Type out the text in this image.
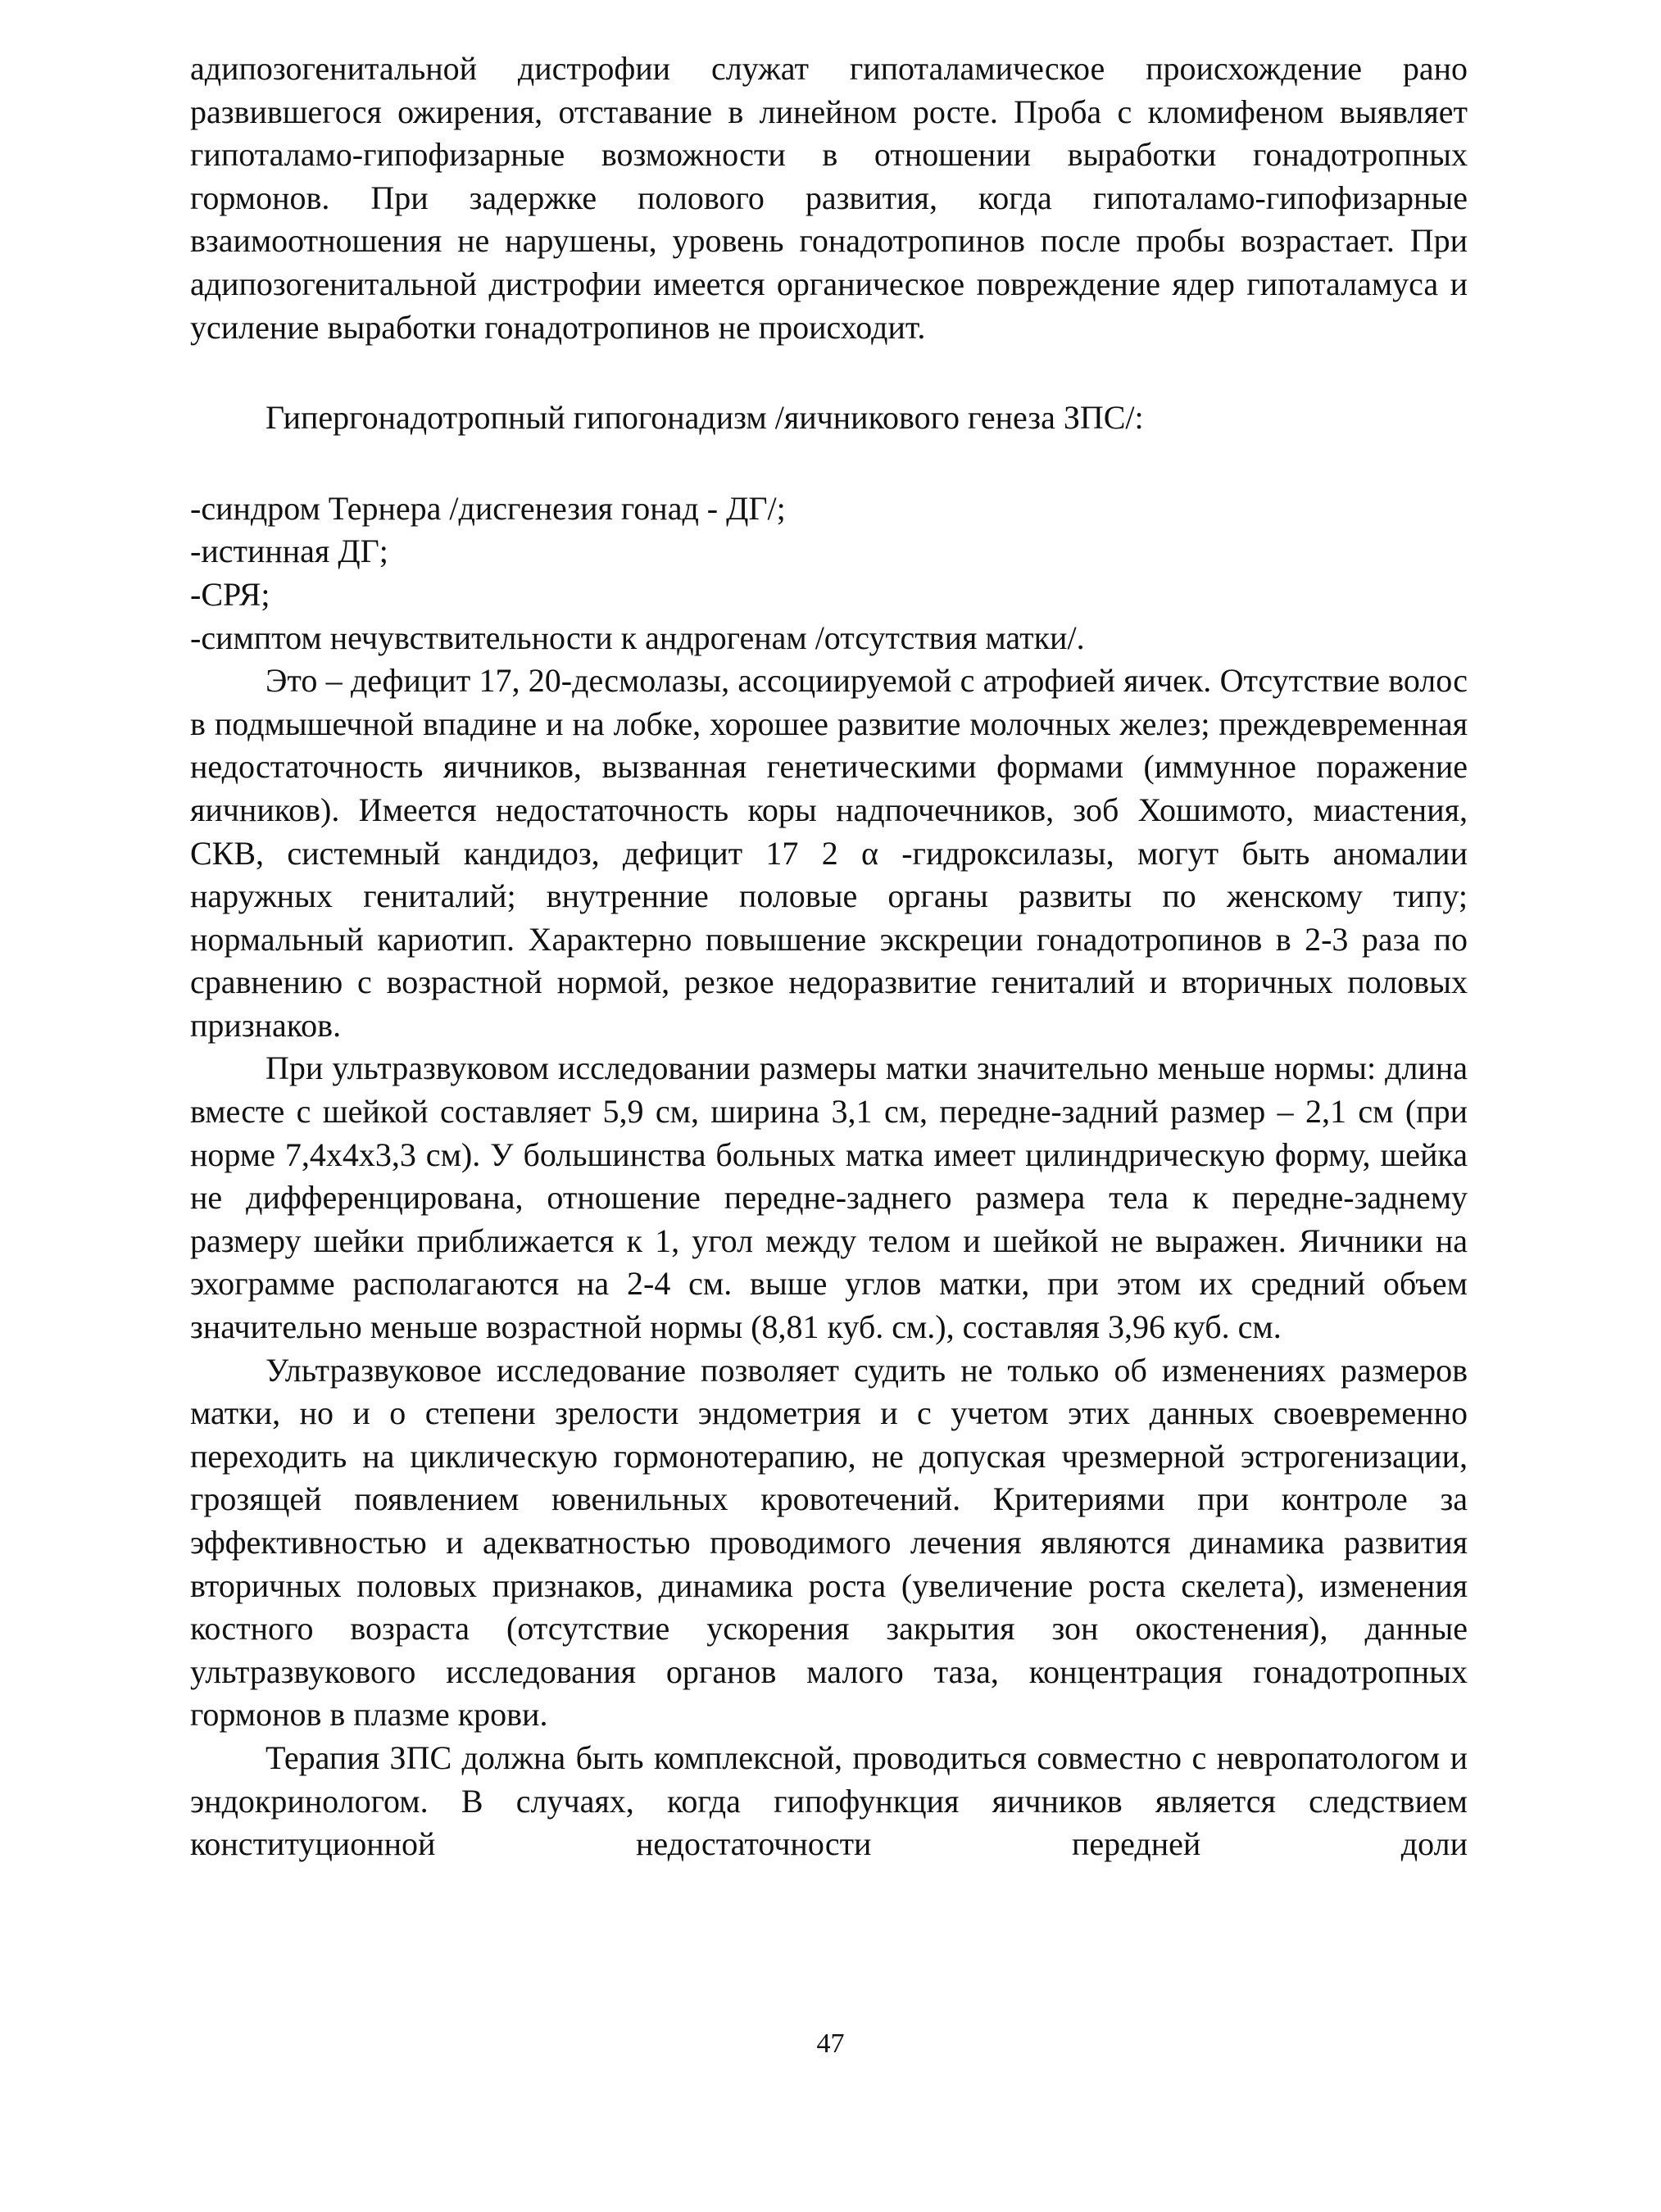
адипозогенитальной дистрофии служат гипоталамическое происхождение рано развившегося ожирения, отставание в линейном росте. Проба с кломифеном выявляет гипоталамо-гипофизарные возможности в отношении выработки гонадотропных гормонов. При задержке полового развития, когда гипоталамо-гипофизарные взаимоотношения не нарушены, уровень гонадотропинов после пробы возрастает. При адипозогенитальной дистрофии имеется органическое повреждение ядер гипоталамуса и усиление выработки гонадотропинов не происходит.

Гипергонадотропный гипогонадизм /яичникового генеза ЗПС/:

-синдром Тернера /дисгенезия гонад - ДГ/;

-истинная ДГ;

-СРЯ;

-симптом нечувствительности к андрогенам /отсутствия матки/.

Это – дефицит 17, 20-десмолазы, ассоциируемой с атрофией яичек. Отсутствие волос в подмышечной впадине и на лобке, хорошее развитие молочных желез; преждевременная недостаточность яичников, вызванная генетическими формами (иммунное поражение яичников). Имеется недостаточность коры надпочечников, зоб Хошимото, миастения, СКВ, системный кандидоз, дефицит 17 2 α -гидроксилазы, могут быть аномалии наружных гениталий; внутренние половые органы развиты по женскому типу; нормальный кариотип. Характерно повышение экскреции гонадотропинов в 2-3 раза по сравнению с возрастной нормой, резкое недоразвитие гениталий и вторичных половых признаков.

При ультразвуковом исследовании размеры матки значительно меньше нормы: длина вместе с шейкой составляет 5,9 см, ширина 3,1 см, передне-задний размер – 2,1 см (при норме 7,4х4х3,3 см). У большинства больных матка имеет цилиндрическую форму, шейка не дифференцирована, отношение передне-заднего размера тела к передне-заднему размеру шейки приближается к 1, угол между телом и шейкой не выражен. Яичники на эхограмме располагаются на 2-4 см. выше углов матки, при этом их средний объем значительно меньше возрастной нормы (8,81 куб. см.), составляя 3,96 куб. см.

Ультразвуковое исследование позволяет судить не только об изменениях размеров матки, но и о степени зрелости эндометрия и с учетом этих данных своевременно переходить на циклическую гормонотерапию, не допуская чрезмерной эстрогенизации, грозящей появлением ювенильных кровотечений. Критериями при контроле за эффективностью и адекватностью проводимого лечения являются динамика развития вторичных половых признаков, динамика роста (увеличение роста скелета), изменения костного возраста (отсутствие ускорения закрытия зон окостенения), данные ультразвукового исследования органов малого таза, концентрация гонадотропных гормонов в плазме крови.

Терапия ЗПС должна быть комплексной, проводиться совместно с невропатологом и эндокринологом. В случаях, когда гипофункция яичников является следствием конституционной недостаточности передней доли

47
